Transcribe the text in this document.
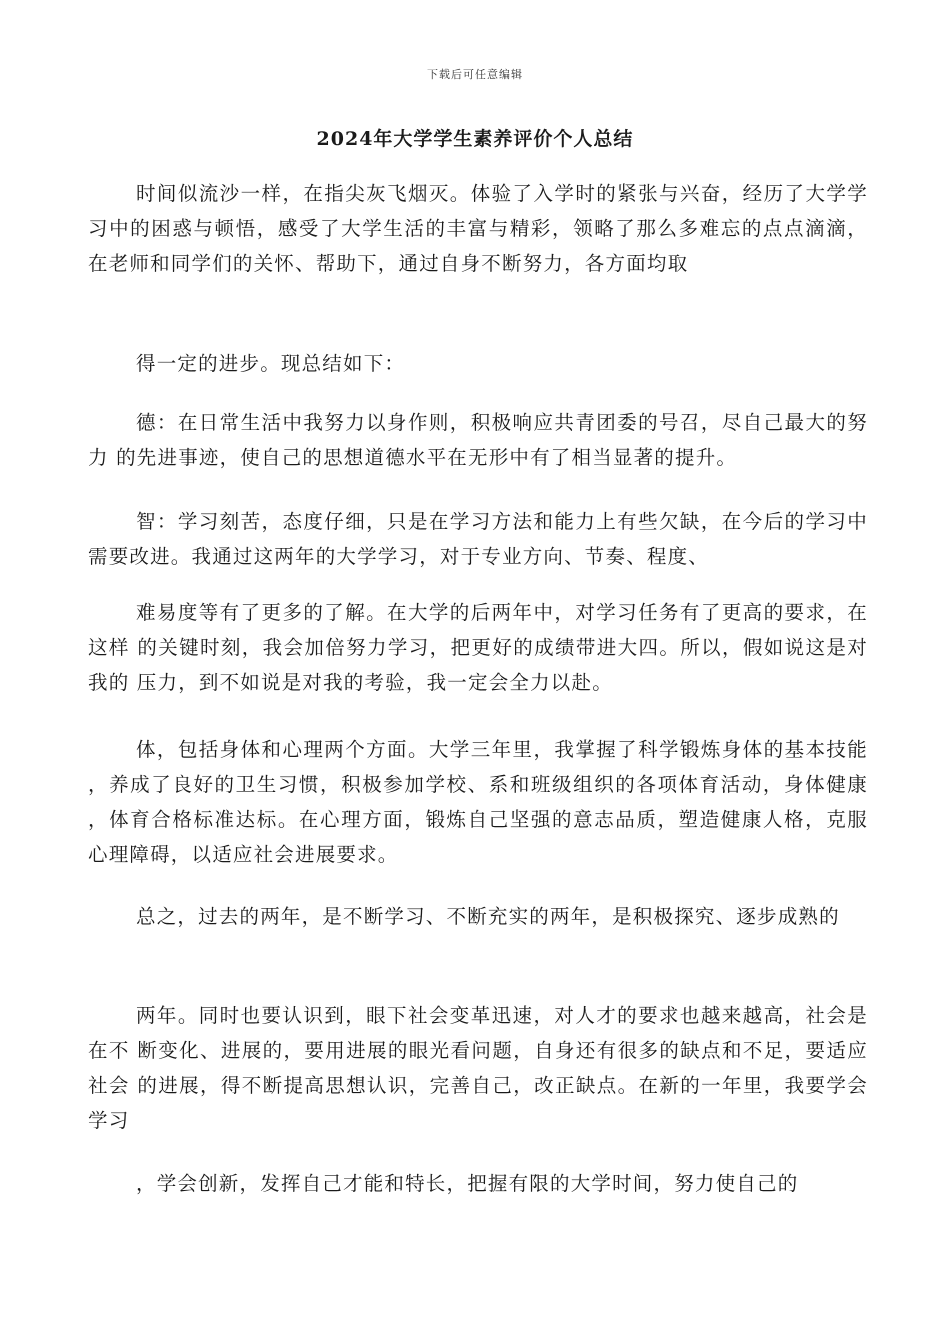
下载后可任意编辑
2024年大学学生素养评价个人总结

时间似流沙一样，在指尖灰飞烟灭。体验了入学时的紧张与兴奋，经历了大学学 习中的困惑与顿悟，感受了大学生活的丰富与精彩，领略了那么多难忘的点点滴滴， 在老师和同学们的关怀、帮助下，通过自身不断努力，各方面均取

得一定的进步。现总结如下：

德：在日常生活中我努力以身作则，积极响应共青团委的号召，尽自己最大的努力 的先进事迹，使自己的思想道德水平在无形中有了相当显著的提升。

智：学习刻苦，态度仔细，只是在学习方法和能力上有些欠缺，在今后的学习中 需要改进。我通过这两年的大学学习，对于专业方向、节奏、程度、

难易度等有了更多的了解。在大学的后两年中，对学习任务有了更高的要求，在这样 的关键时刻，我会加倍努力学习，把更好的成绩带进大四。所以，假如说这是对我的 压力，到不如说是对我的考验，我一定会全力以赴。

体，包括身体和心理两个方面。大学三年里，我掌握了科学锻炼身体的基本技能 ，养成了良好的卫生习惯，积极参加学校、系和班级组织的各项体育活动，身体健康 ，体育合格标准达标。在心理方面，锻炼自己坚强的意志品质，塑造健康人格，克服 心理障碍，以适应社会进展要求。

总之，过去的两年，是不断学习、不断充实的两年，是积极探究、逐步成熟的

两年。同时也要认识到，眼下社会变革迅速，对人才的要求也越来越高，社会是在不 断变化、进展的，要用进展的眼光看问题，自身还有很多的缺点和不足，要适应社会 的进展，得不断提高思想认识，完善自己，改正缺点。在新的一年里，我要学会学习

，学会创新，发挥自己才能和特长，把握有限的大学时间，努力使自己的
